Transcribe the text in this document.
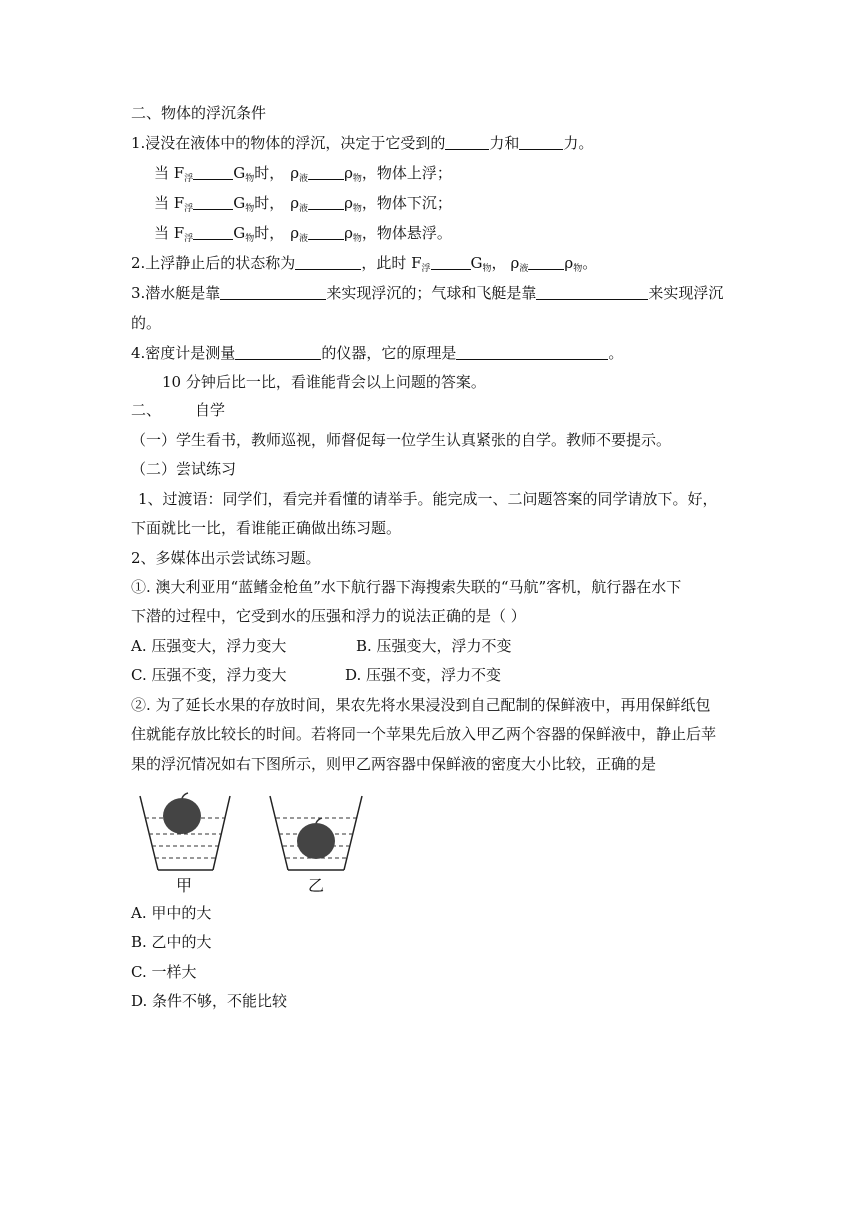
二、物体的浮沉条件
1.浸没在液体中的物体的浮沉，决定于它受到的	力和	力。
当 $F_浮$	$G_物$时， $\rho_液$ $\rho_物$，物体上浮；
当 $F_浮$	$G_物$时， $\rho_液$ $\rho_物$，物体下沉；
当 $F_浮$	$G_物$时， $\rho_液$ $\rho_物$，物体悬浮。
2.上浮静止后的状态称为	，此时 $F_浮$	$G_物$， $\rho_液$ $\rho_物$。
3.潜水艇是靠	来实现浮沉的；气球和飞艇是靠	来实现浮沉
的。
4.密度计是测量	的仪器，它的原理是	。
10 分钟后比一比，看谁能背会以上问题的答案。
二、 自学
（一）学生看书，教师巡视，师督促每一位学生认真紧张的自学。教师不要提示。
（二）尝试练习
1、过渡语：同学们，看完并看懂的请举手。能完成一、二问题答案的同学请放下。好，
下面就比一比，看谁能正确做出练习题。
2、多媒体出示尝试练习题。
①. 澳大利亚用“蓝鳍金枪鱼”水下航行器下海搜索失联的“马航”客机，航行器在水下
下潜的过程中，它受到水的压强和浮力的说法正确的是（ ）
A. 压强变大，浮力变大	B. 压强变大，浮力不变
C. 压强不变，浮力变大	D. 压强不变，浮力不变
②. 为了延长水果的存放时间，果农先将水果浸没到自己配制的保鲜液中，再用保鲜纸包
住就能存放比较长的时间。若将同一个苹果先后放入甲乙两个容器的保鲜液中，静止后苹
果的浮沉情况如右下图所示，则甲乙两容器中保鲜液的密度大小比较，正确的是
甲	乙
A. 甲中的大
B. 乙中的大
C. 一样大
D. 条件不够，不能比较
